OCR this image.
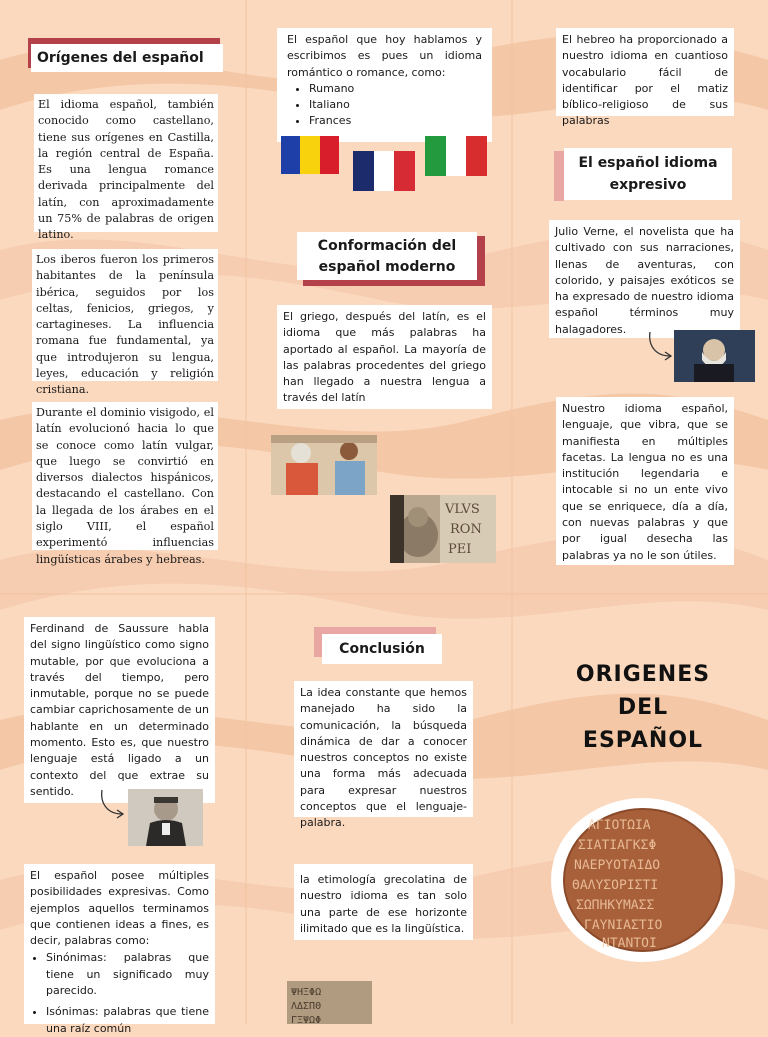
Orígenes del español
El idioma español, también conocido como castellano, tiene sus orígenes en Castilla, la región central de España. Es una lengua romance derivada principalmente del latín, con aproximadamente un 75% de palabras de origen latino.
Los iberos fueron los primeros habitantes de la península ibérica, seguidos por los celtas, fenicios, griegos, y cartagineses. La influencia romana fue fundamental, ya que introdujeron su lengua, leyes, educación y religión cristiana.
Durante el dominio visigodo, el latín evolucionó hacia lo que se conoce como latín vulgar, que luego se convirtió en diversos dialectos hispánicos, destacando el castellano. Con la llegada de los árabes en el siglo VIII, el español experimentó influencias lingüísticas árabes y hebreas.
El español que hoy hablamos y escribimos es pues un idioma romántico o romance, como:
• Rumano
• Italiano
• Frances
Conformación del español moderno
El griego, después del latín, es el idioma que más palabras ha aportado al español. La mayoría de las palabras procedentes del griego han llegado a nuestra lengua a través del latín
VLVS
RON
PEI
El hebreo ha proporcionado a nuestro idioma en cuantioso vocabulario fácil de identificar por el matiz bíblico-religioso de sus palabras
El español idioma expresivo
Julio Verne, el novelista que ha cultivado con sus narraciones, llenas de aventuras, con colorido, y paisajes exóticos se ha expresado de nuestro idioma español términos muy halagadores.
Nuestro idioma español, lenguaje, que vibra, que se manifiesta en múltiples facetas. La lengua no es una institución legendaria e intocable si no un ente vivo que se enriquece, día a día, con nuevas palabras y que por igual desecha las palabras ya no le son útiles.
Ferdinand de Saussure habla del signo lingüístico como signo mutable, por que evoluciona a través del tiempo, pero inmutable, porque no se puede cambiar caprichosamente de un hablante en un determinado momento. Esto es, que nuestro lenguaje está ligado a un contexto del que extrae su sentido.
El español posee múltiples posibilidades expresivas. Como ejemplos aquellos terminamos que contienen ideas a fines, es decir, palabras como:
• Sinónimas: palabras que tiene un significado muy parecido.
• Isónimas: palabras que tiene una raíz común
Conclusión
La idea constante que hemos manejado ha sido la comunicación, la búsqueda dinámica de dar a conocer nuestros conceptos no existe una forma más adecuada para expresar nuestros conceptos que el lenguaje-palabra.
la etimología grecolatina de nuestro idioma es tan solo una parte de ese horizonte ilimitado que es la lingüística.
ΨΗΞΦΩ
ΛΔΣΠΘ
ΓΞΨΩΦ
ORIGENES
DEL
ESPAÑOL
ΑΓΙΟΤΩΙΑ
ΣΙΑΤΙΑΓΚΣΦ
ΝΑΕΡΥΟΤΑΙΔΟ
ΘΑΛΥΣΟΡΙΣΤΙ
ΣΩΠΗΚΥΜΑΣΣ
ΓΑΥΝΙΑΣΤΙΟ
ΝΤΑΝΤΟΙ
